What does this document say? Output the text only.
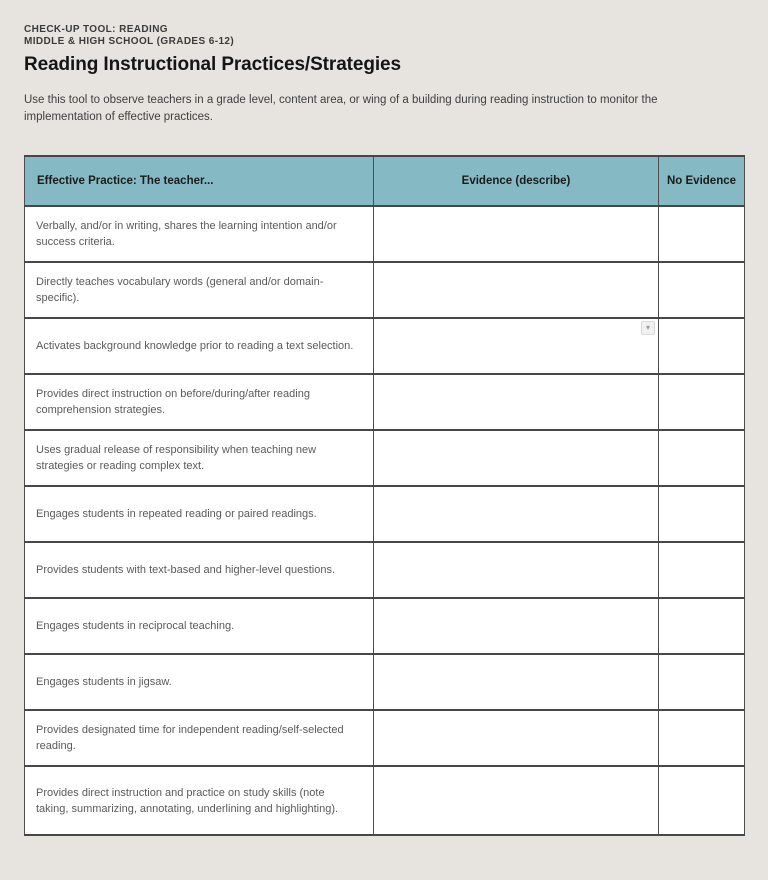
CHECK-UP TOOL: READING
MIDDLE & HIGH SCHOOL (GRADES 6-12)
Reading Instructional Practices/Strategies

Use this tool to observe teachers in a grade level, content area, or wing of a building during reading instruction to monitor the implementation of effective practices.

Effective Practice: The teacher...	Evidence (describe)	No Evidence
Verbally, and/or in writing, shares the learning intention and/or success criteria.		
Directly teaches vocabulary words (general and/or domain-specific).		
Activates background knowledge prior to reading a text selection.	▾	

Provides direct instruction on before/during/after reading comprehension strategies.		
Uses gradual release of responsibility when teaching new strategies or reading complex text.		
Engages students in repeated reading or paired readings.		
Provides students with text-based and higher-level questions.		
Engages students in reciprocal teaching.		
Engages students in jigsaw.		
Provides designated time for independent reading/self-selected reading.		
Provides direct instruction and practice on study skills (note taking, summarizing, annotating, underlining and highlighting).		
